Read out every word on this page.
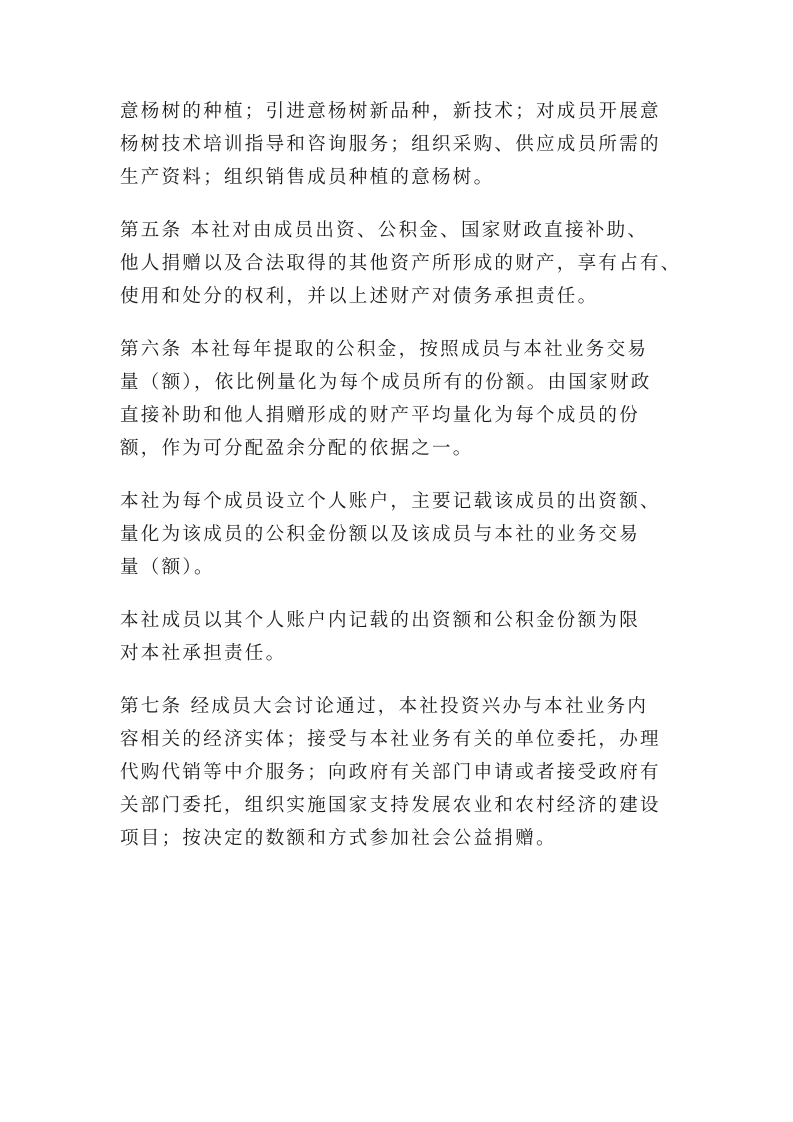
意杨树的种植；引进意杨树新品种，新技术；对成员开展意
杨树技术培训指导和咨询服务；组织采购、供应成员所需的
生产资料；组织销售成员种植的意杨树。

第五条 本社对由成员出资、公积金、国家财政直接补助、
他人捐赠以及合法取得的其他资产所形成的财产，享有占有、
使用和处分的权利，并以上述财产对债务承担责任。

第六条 本社每年提取的公积金，按照成员与本社业务交易
量（额），依比例量化为每个成员所有的份额。由国家财政
直接补助和他人捐赠形成的财产平均量化为每个成员的份
额，作为可分配盈余分配的依据之一。

本社为每个成员设立个人账户，主要记载该成员的出资额、
量化为该成员的公积金份额以及该成员与本社的业务交易
量（额）。

本社成员以其个人账户内记载的出资额和公积金份额为限
对本社承担责任。

第七条 经成员大会讨论通过，本社投资兴办与本社业务内
容相关的经济实体；接受与本社业务有关的单位委托，办理
代购代销等中介服务；向政府有关部门申请或者接受政府有
关部门委托，组织实施国家支持发展农业和农村经济的建设
项目；按决定的数额和方式参加社会公益捐赠。
